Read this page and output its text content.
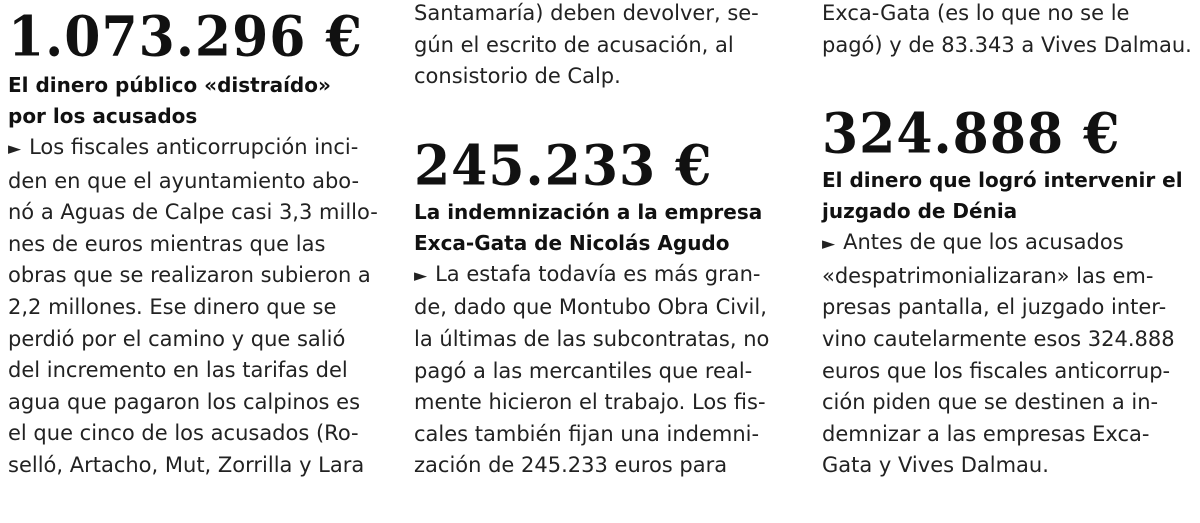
1.073.296 €
El dinero público «distraído»
por los acusados
► Los fiscales anticorrupción inci-
den en que el ayuntamiento abo-
nó a Aguas de Calpe casi 3,3 millo-
nes de euros mientras que las
obras que se realizaron subieron a
2,2 millones. Ese dinero que se
perdió por el camino y que salió
del incremento en las tarifas del
agua que pagaron los calpinos es
el que cinco de los acusados (Ro-
selló, Artacho, Mut, Zorrilla y Lara
Santamaría) deben devolver, se-
gún el escrito de acusación, al
consistorio de Calp.
245.233 €
La indemnización a la empresa
Exca-Gata de Nicolás Agudo
► La estafa todavía es más gran-
de, dado que Montubo Obra Civil,
la últimas de las subcontratas, no
pagó a las mercantiles que real-
mente hicieron el trabajo. Los fis-
cales también fijan una indemni-
zación de 245.233 euros para
Exca-Gata (es lo que no se le
pagó) y de 83.343 a Vives Dalmau.
324.888 €
El dinero que logró intervenir el
juzgado de Dénia
► Antes de que los acusados
«despatrimonializaran» las em-
presas pantalla, el juzgado inter-
vino cautelarmente esos 324.888
euros que los fiscales anticorrup-
ción piden que se destinen a in-
demnizar a las empresas Exca-
Gata y Vives Dalmau.
